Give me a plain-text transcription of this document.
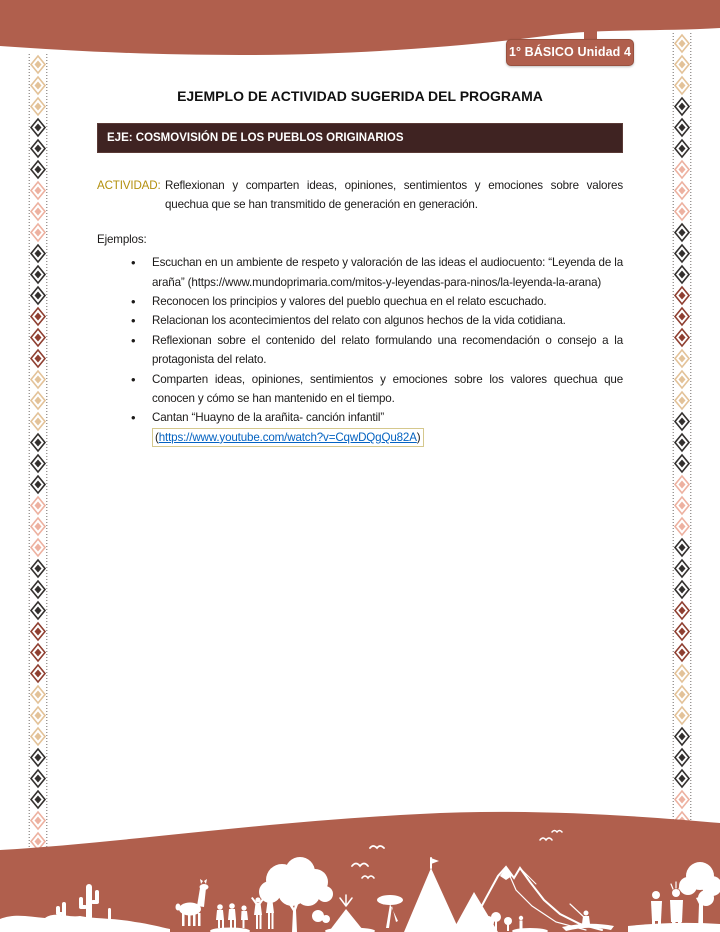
1° BÁSICO Unidad 4
EJEMPLO DE ACTIVIDAD SUGERIDA DEL PROGRAMA
EJE: COSMOVISIÓN DE LOS PUEBLOS ORIGINARIOS
ACTIVIDAD: Reflexionan y comparten ideas, opiniones, sentimientos y emociones sobre valores quechua que se han transmitido de generación en generación.

Ejemplos:
• Escuchan en un ambiente de respeto y valoración de las ideas el audiocuento: “Leyenda de la araña” (https://www.mundoprimaria.com/mitos-y-leyendas-para-ninos/la-leyenda-la-arana)
• Reconocen los principios y valores del pueblo quechua en el relato escuchado.
• Relacionan los acontecimientos del relato con algunos hechos de la vida cotidiana.
• Reflexionan sobre el contenido del relato formulando una recomendación o consejo a la protagonista del relato.
• Comparten ideas, opiniones, sentimientos y emociones sobre los valores quechua que conocen y cómo se han mantenido en el tiempo.
• Cantan “Huayno de la arañita- canción infantil”
(https://www.youtube.com/watch?v=CqwDQgQu82A)
